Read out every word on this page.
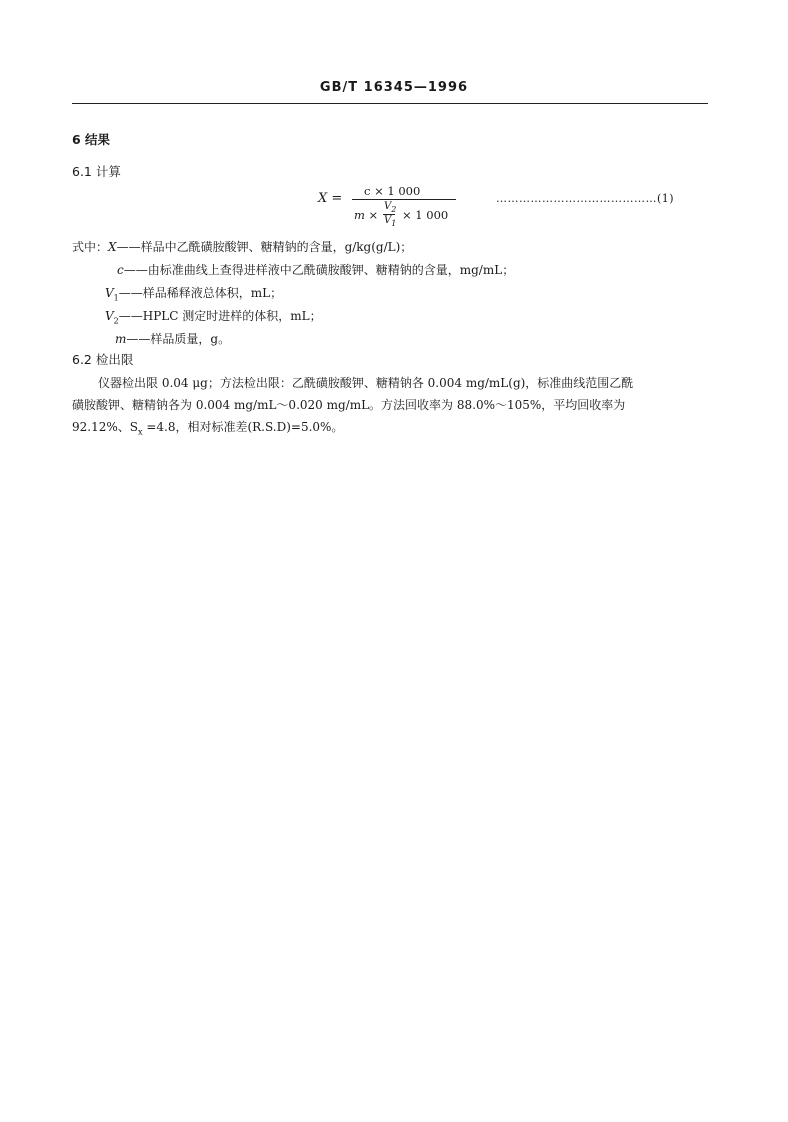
GB/T 16345—1996
6 结果
6.1 计算
X = c × 1 000
m ×
$V_2$
$V_1$
× 1 000
……………………………………(1)
式中：X——样品中乙酰磺胺酸钾、糖精钠的含量，g/kg(g/L)；
c——由标准曲线上查得进样液中乙酰磺胺酸钾、糖精钠的含量，mg/mL；
$V_1——$样品稀释液总体积，mL；
$V_2——HPLC$ 测定时进样的体积，mL；
m——样品质量，g。
6.2 检出限
仪器检出限 0.04 μg；方法检出限：乙酰磺胺酸钾、糖精钠各 0.004 mg/mL(g)，标准曲线范围乙酰
磺胺酸钾、糖精钠各为 0.004 mg/mL～0.020 mg/mL。方法回收率为 88.0%～105%，平均回收率为
92.12%、$S_x =4.8$，相对标准差(R.S.D)=5.0%。
